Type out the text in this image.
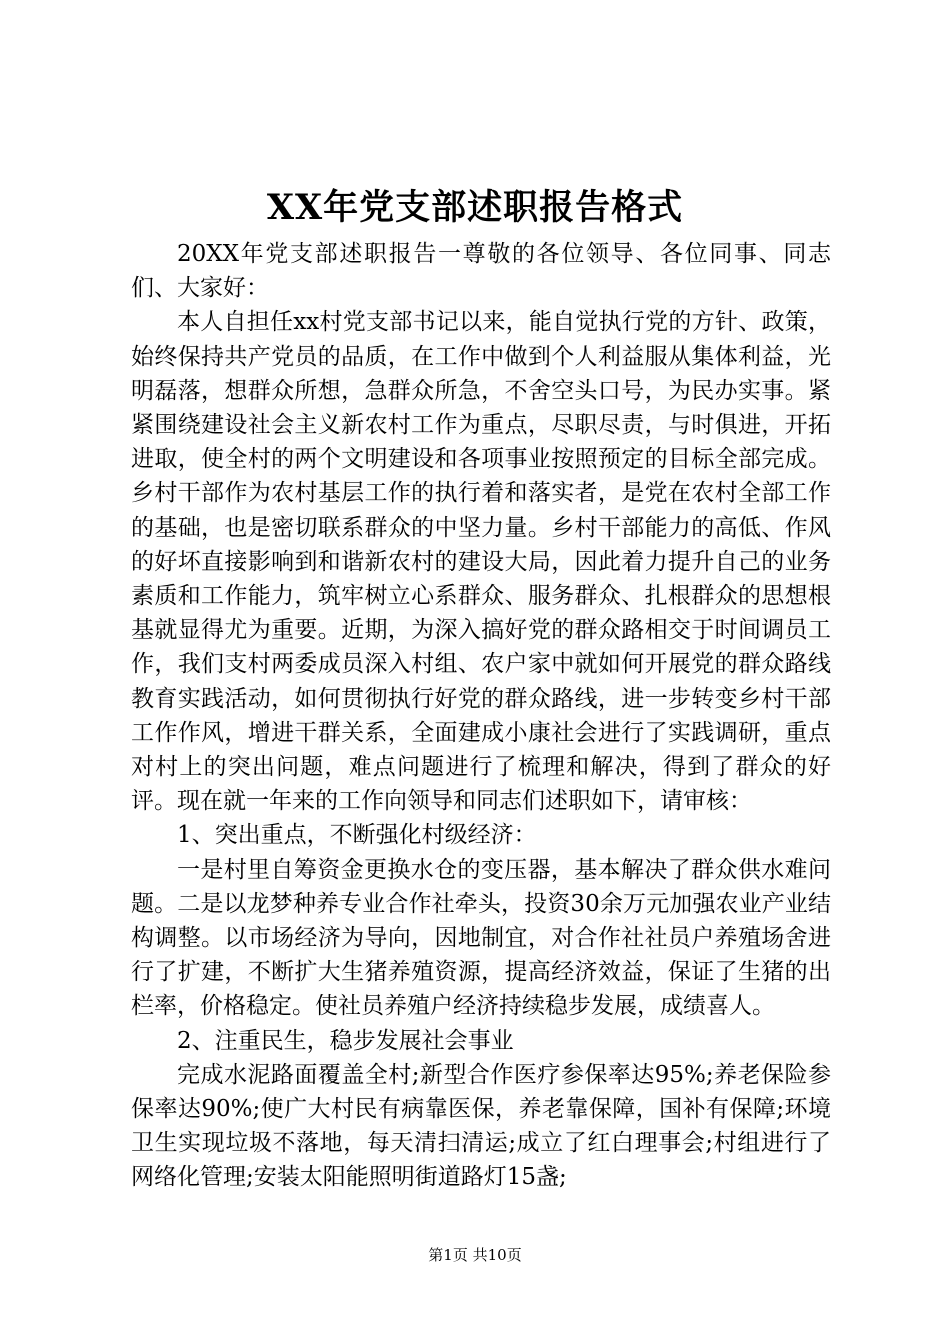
XX年党支部述职报告格式

20XX年党支部述职报告一尊敬的各位领导、各位同事、同志们、大家好：

本人自担任xx村党支部书记以来，能自觉执行党的方针、政策，始终保持共产党员的品质，在工作中做到个人利益服从集体利益，光明磊落，想群众所想，急群众所急，不舍空头口号，为民办实事。紧紧围绕建设社会主义新农村工作为重点，尽职尽责，与时俱进，开拓进取，使全村的两个文明建设和各项事业按照预定的目标全部完成。乡村干部作为农村基层工作的执行着和落实者，是党在农村全部工作的基础，也是密切联系群众的中坚力量。乡村干部能力的高低、作风的好坏直接影响到和谐新农村的建设大局，因此着力提升自己的业务素质和工作能力，筑牢树立心系群众、服务群众、扎根群众的思想根基就显得尤为重要。近期，为深入搞好党的群众路相交于时间调员工作，我们支村两委成员深入村组、农户家中就如何开展党的群众路线教育实践活动，如何贯彻执行好党的群众路线，进一步转变乡村干部工作作风，增进干群关系，全面建成小康社会进行了实践调研，重点对村上的突出问题，难点问题进行了梳理和解决，得到了群众的好评。现在就一年来的工作向领导和同志们述职如下，请审核：

1、突出重点，不断强化村级经济：

一是村里自筹资金更换水仓的变压器，基本解决了群众供水难问题。二是以龙梦种养专业合作社牵头，投资30余万元加强农业产业结构调整。以市场经济为导向，因地制宜，对合作社社员户养殖场舍进行了扩建，不断扩大生猪养殖资源，提高经济效益，保证了生猪的出栏率，价格稳定。使社员养殖户经济持续稳步发展，成绩喜人。

2、注重民生，稳步发展社会事业

完成水泥路面覆盖全村;新型合作医疗参保率达95%;养老保险参保率达90%;使广大村民有病靠医保，养老靠保障，国补有保障;环境卫生实现垃圾不落地，每天清扫清运;成立了红白理事会;村组进行了网络化管理;安装太阳能照明街道路灯15盏;

第1页 共10页
